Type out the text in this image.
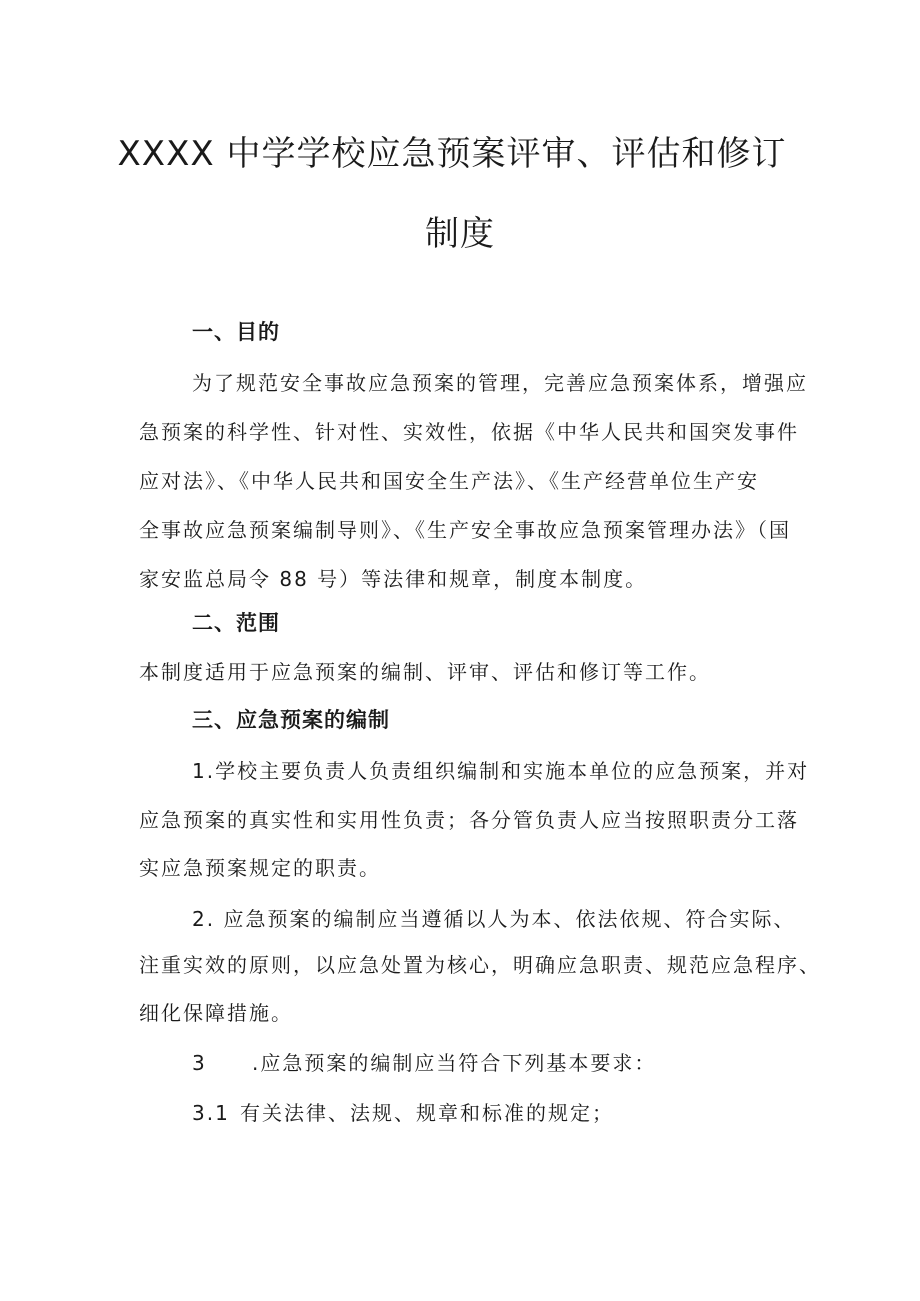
XXXX 中学学校应急预案评审、评估和修订
制度
一、目的
为了规范安全事故应急预案的管理，完善应急预案体系，增强应
急预案的科学性、针对性、实效性，依据《中华人民共和国突发事件
应对法》、《中华人民共和国安全生产法》、《生产经营单位生产安
全事故应急预案编制导则》、《生产安全事故应急预案管理办法》（国
家安监总局令 88 号）等法律和规章，制度本制度。
二、范围
本制度适用于应急预案的编制、评审、评估和修订等工作。
三、应急预案的编制
1.学校主要负责人负责组织编制和实施本单位的应急预案，并对
应急预案的真实性和实用性负责；各分管负责人应当按照职责分工落
实应急预案规定的职责。
2. 应急预案的编制应当遵循以人为本、依法依规、符合实际、
注重实效的原则，以应急处置为核心，明确应急职责、规范应急程序、
细化保障措施。
3 .应急预案的编制应当符合下列基本要求：
3.1 有关法律、法规、规章和标准的规定；
